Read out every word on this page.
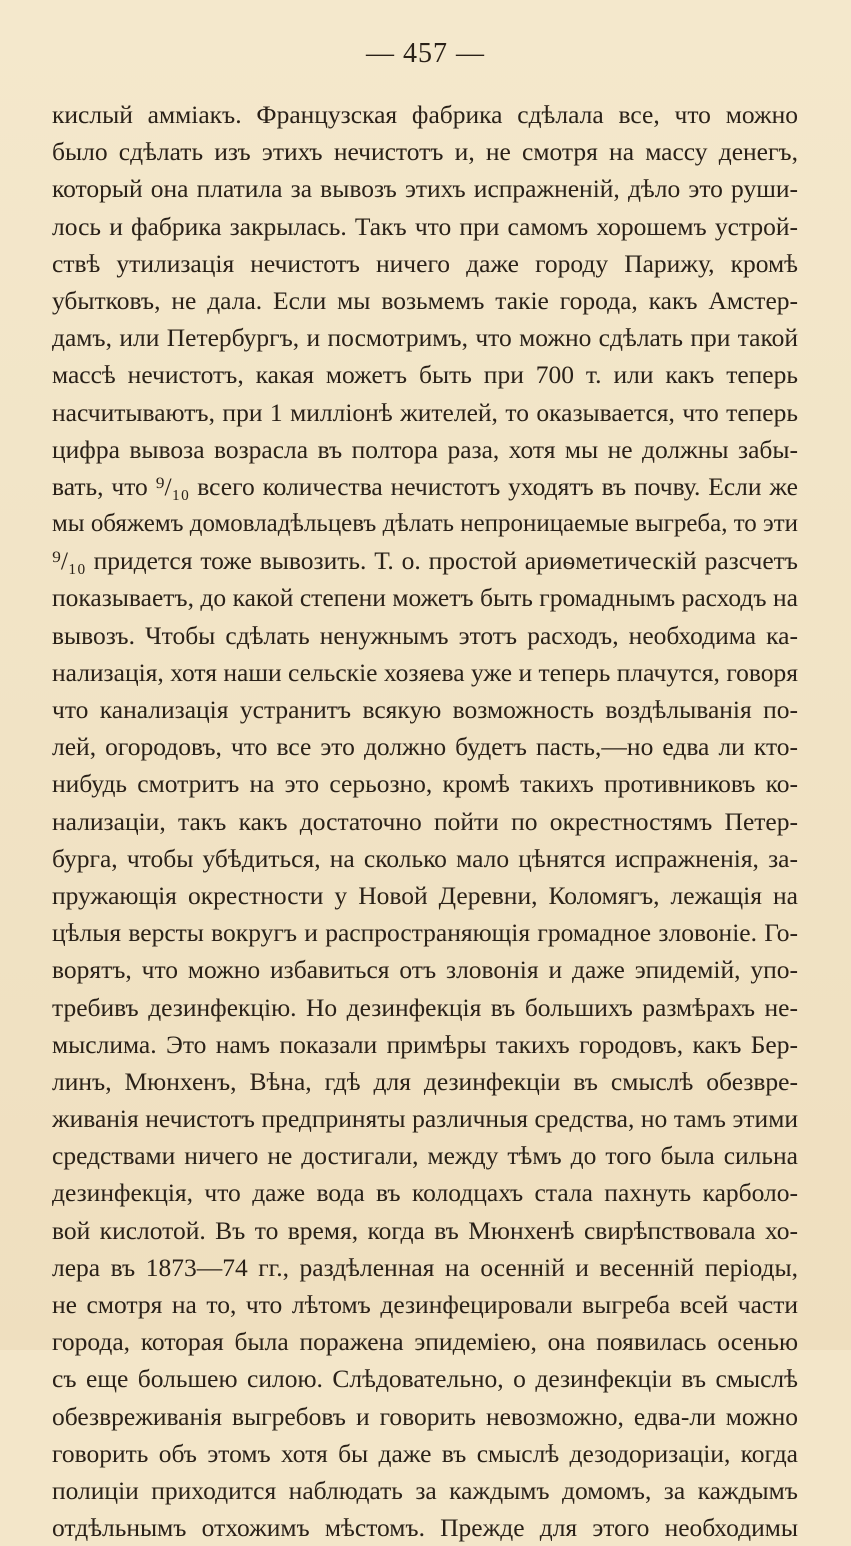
— 457 —
кислый амміакъ. Французская фабрика сдѣлала все, что можно
было сдѣлать изъ этихъ нечистотъ и, не смотря на массу денегъ,
который она платила за вывозъ этихъ испражненій, дѣло это руши-
лось и фабрика закрылась. Такъ что при самомъ хорошемъ устрой-
ствѣ утилизація нечистотъ ничего даже городу Парижу, кромѣ
убытковъ, не дала. Если мы возьмемъ такіе города, какъ Амстер-
дамъ, или Петербургъ, и посмотримъ, что можно сдѣлать при такой
массѣ нечистотъ, какая можетъ быть при 700 т. или какъ теперь
насчитываютъ, при 1 милліонѣ жителей, то оказывается, что теперь
цифра вывоза возрасла въ полтора раза, хотя мы не должны забы-
вать, что ⁹/₁₀ всего количества нечистотъ уходятъ въ почву. Если же
мы обяжемъ домовладѣльцевъ дѣлать непроницаемые выгреба, то эти
⁹/₁₀ придется тоже вывозить. Т. о. простой ариѳметическій разсчетъ
показываетъ, до какой степени можетъ быть громаднымъ расходъ на
вывозъ. Чтобы сдѣлать ненужнымъ этотъ расходъ, необходима ка-
нализація, хотя наши сельскіе хозяева уже и теперь плачутся, говоря
что канализація устранитъ всякую возможность воздѣлыванія по-
лей, огородовъ, что все это должно будетъ пасть,—но едва ли кто-
нибудь смотритъ на это серьозно, кромѣ такихъ противниковъ ко-
нализаціи, такъ какъ достаточно пойти по окрестностямъ Петер-
бурга, чтобы убѣдиться, на сколько мало цѣнятся испражненія, за-
пружающія окрестности у Новой Деревни, Коломягъ, лежащія на
цѣлыя версты вокругъ и распространяющія громадное зловоніе. Го-
ворятъ, что можно избавиться отъ зловонія и даже эпидемій, упо-
требивъ дезинфекцію. Но дезинфекція въ большихъ размѣрахъ не-
мыслима. Это намъ показали примѣры такихъ городовъ, какъ Бер-
линъ, Мюнхенъ, Вѣна, гдѣ для дезинфекціи въ смыслѣ обезвре-
живанія нечистотъ предприняты различныя средства, но тамъ этими
средствами ничего не достигали, между тѣмъ до того была сильна
дезинфекція, что даже вода въ колодцахъ стала пахнуть карболо-
вой кислотой. Въ то время, когда въ Мюнхенѣ свирѣпствовала хо-
лера въ 1873—74 гг., раздѣленная на осенній и весенній періоды,
не смотря на то, что лѣтомъ дезинфецировали выгреба всей части
города, которая была поражена эпидеміею, она появилась осенью
съ еще большею силою. Слѣдовательно, о дезинфекціи въ смыслѣ
обезвреживанія выгребовъ и говорить невозможно, едва-ли можно
говорить объ этомъ хотя бы даже въ смыслѣ дезодоризаціи, когда
полиціи приходится наблюдать за каждымъ домомъ, за каждымъ
отдѣльнымъ отхожимъ мѣстомъ. Прежде для этого необходимы
